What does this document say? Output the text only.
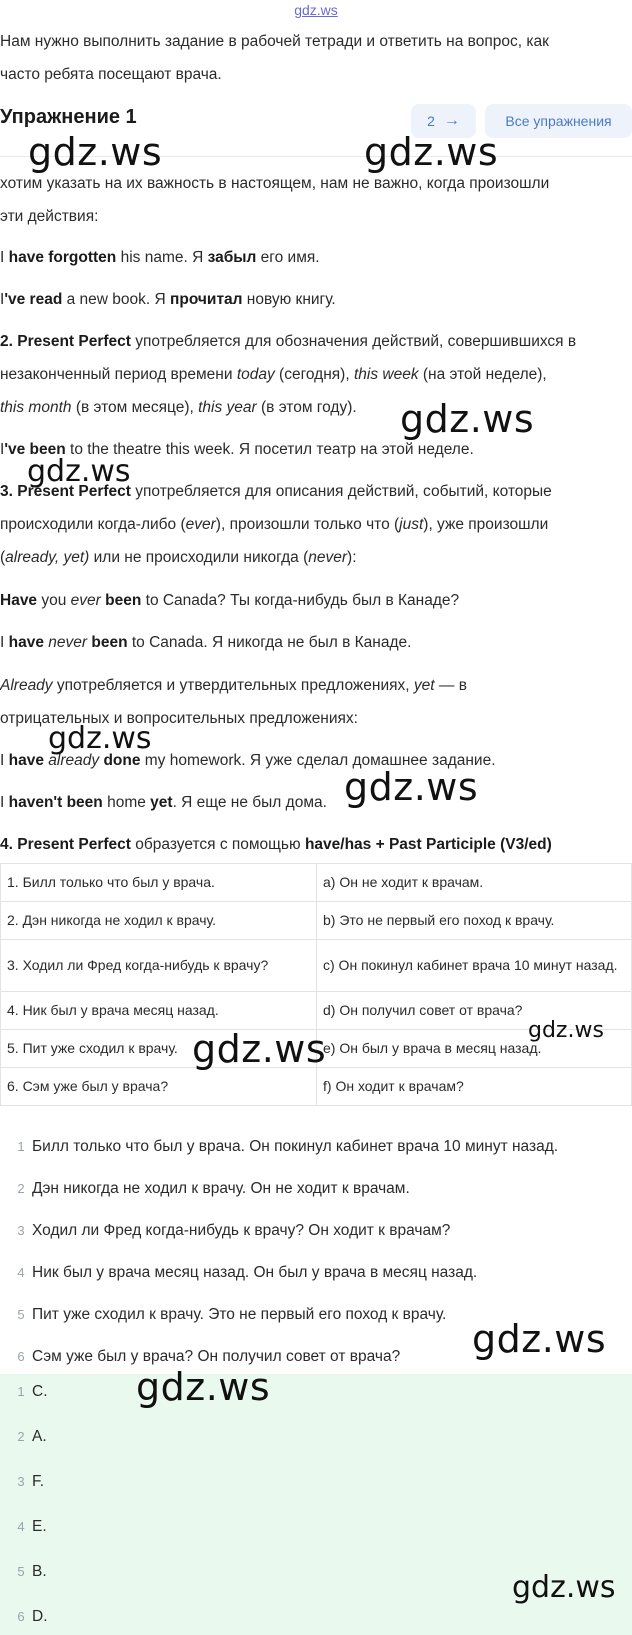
gdz.ws
Нам нужно выполнить задание в рабочей тетради и ответить на вопрос, как
часто ребята посещают врача.
Упражнение 1	2 →	Все упражнения
хотим указать на их важность в настоящем, нам не важно, когда произошли
эти действия:
I have forgotten his name. Я забыл его имя.
I've read a new book. Я прочитал новую книгу.
2. Present Perfect употребляется для обозначения действий, совершившихся в
незаконченный период времени today (сегодня), this week (на этой неделе),
this month (в этом месяце), this year (в этом году).
I've been to the theatre this week. Я посетил театр на этой неделе.
3. Present Perfect употребляется для описания действий, событий, которые
происходили когда-либо (ever), произошли только что (just), уже произошли
(already, yet) или не происходили никогда (never):
Have you ever been to Canada? Ты когда-нибудь был в Канаде?
I have never been to Canada. Я никогда не был в Канаде.
Already употребляется и утвердительных предложениях, yet — в
отрицательных и вопросительных предложениях:
I have already done my homework. Я уже сделал домашнее задание.
I haven't been home yet. Я еще не был дома.
4. Present Perfect образуется с помощью have/has + Past Participle (V3/ed)
1. Билл только что был у врача.	a) Он не ходит к врачам.
2. Дэн никогда не ходил к врачу.	b) Это не первый его поход к врачу.
3. Ходил ли Фред когда-нибудь к врачу?	c) Он покинул кабинет врача 10 минут назад.
4. Ник был у врача месяц назад.	d) Он получил совет от врача?
5. Пит уже сходил к врачу.	e) Он был у врача в месяц назад.
6. Сэм уже был у врача?	f) Он ходит к врачам?
1 Билл только что был у врача. Он покинул кабинет врача 10 минут назад.
2 Дэн никогда не ходил к врачу. Он не ходит к врачам.
3 Ходил ли Фред когда-нибудь к врачу? Он ходит к врачам?
4 Ник был у врача месяц назад. Он был у врача в месяц назад.
5 Пит уже сходил к врачу. Это не первый его поход к врачу.
6 Сэм уже был у врача? Он получил совет от врача?
1 C.
2 A.
3 F.
4 E.
5 B.
6 D.
gdz.ws	gdz.ws
gdz.ws
gdz.ws
gdz.ws
gdz.ws
gdz.ws
gdz.ws
gdz.ws
gdz.ws
gdz.ws
